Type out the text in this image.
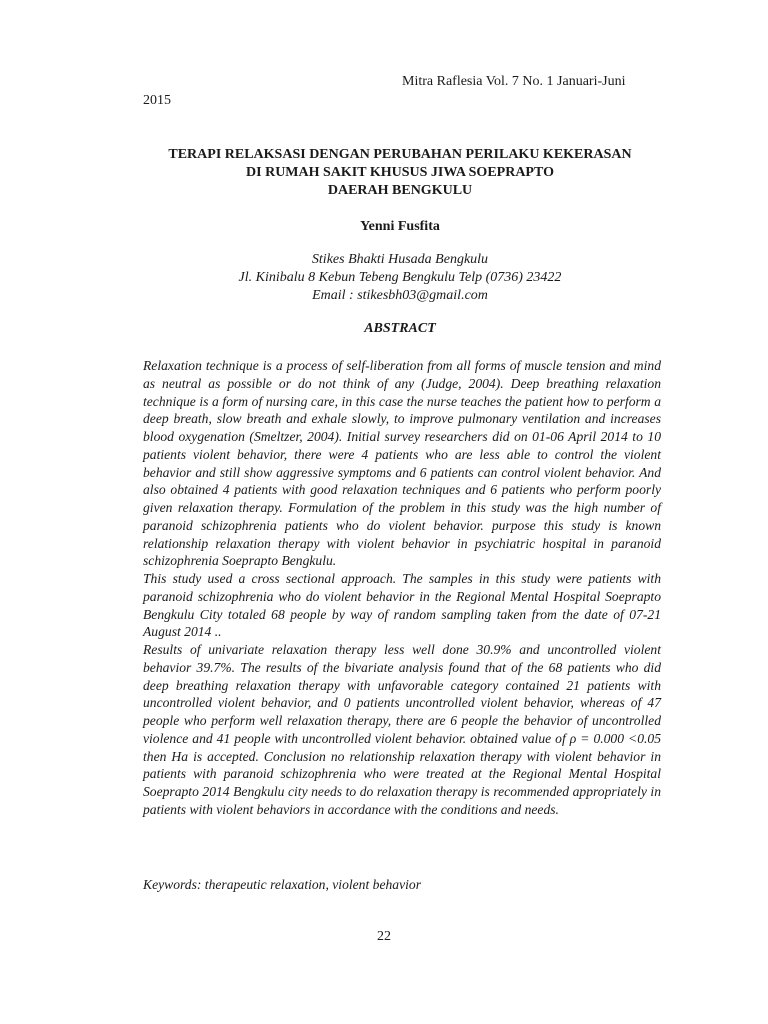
Mitra Raflesia Vol. 7 No. 1 Januari-Juni
2015
TERAPI RELAKSASI DENGAN PERUBAHAN PERILAKU KEKERASAN
DI RUMAH SAKIT KHUSUS JIWA SOEPRAPTO
DAERAH BENGKULU
Yenni Fusfita
Stikes Bhakti Husada Bengkulu
Jl. Kinibalu 8 Kebun Tebeng Bengkulu Telp (0736) 23422
Email : stikesbh03@gmail.com
ABSTRACT

Relaxation technique is a process of self-liberation from all forms of muscle tension and mind as neutral as possible or do not think of any (Judge, 2004). Deep breathing relaxation technique is a form of nursing care, in this case the nurse teaches the patient how to perform a deep breath, slow breath and exhale slowly, to improve pulmonary ventilation and increases blood oxygenation (Smeltzer, 2004). Initial survey researchers did on 01-06 April 2014 to 10 patients violent behavior, there were 4 patients who are less able to control the violent behavior and still show aggressive symptoms and 6 patients can control violent behavior. And also obtained 4 patients with good relaxation techniques and 6 patients who perform poorly given relaxation therapy. Formulation of the problem in this study was the high number of paranoid schizophrenia patients who do violent behavior. purpose this study is known relationship relaxation therapy with violent behavior in psychiatric hospital in paranoid schizophrenia Soeprapto Bengkulu.

This study used a cross sectional approach. The samples in this study were patients with paranoid schizophrenia who do violent behavior in the Regional Mental Hospital Soeprapto Bengkulu City totaled 68 people by way of random sampling taken from the date of 07-21 August 2014 ..

Results of univariate relaxation therapy less well done 30.9% and uncontrolled violent behavior 39.7%. The results of the bivariate analysis found that of the 68 patients who did deep breathing relaxation therapy with unfavorable category contained 21 patients with uncontrolled violent behavior, and 0 patients uncontrolled violent behavior, whereas of 47 people who perform well relaxation therapy, there are 6 people the behavior of uncontrolled violence and 41 people with uncontrolled violent behavior. obtained value of ρ = 0.000 <0.05 then Ha is accepted. Conclusion no relationship relaxation therapy with violent behavior in patients with paranoid schizophrenia who were treated at the Regional Mental Hospital Soeprapto 2014 Bengkulu city needs to do relaxation therapy is recommended appropriately in patients with violent behaviors in accordance with the conditions and needs.

Keywords: therapeutic relaxation, violent behavior
22
